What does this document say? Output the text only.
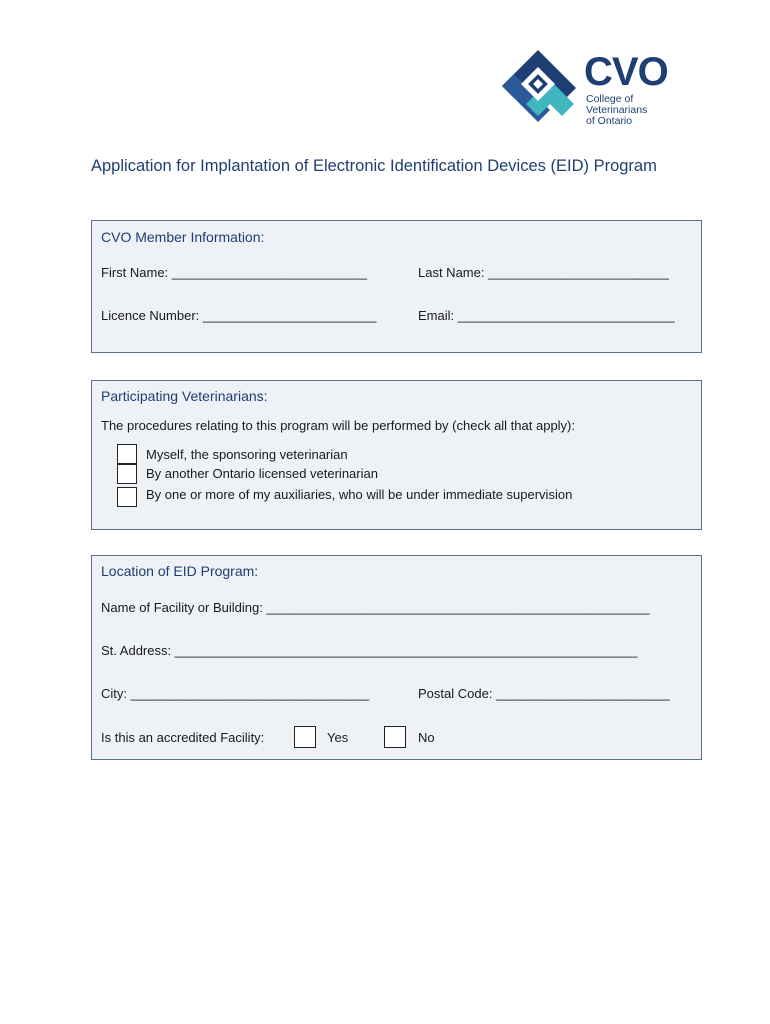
CVO
College of
Veterinarians
of Ontario
Application for Implantation of Electronic Identification Devices (EID) Program
CVO Member Information:
First Name: ___________________________	Last Name: _________________________
Licence Number: ________________________	Email: ______________________________
Participating Veterinarians:
The procedures relating to this program will be performed by (check all that apply):
Myself, the sponsoring veterinarian
By another Ontario licensed veterinarian
By one or more of my auxiliaries, who will be under immediate supervision
Location of EID Program:
Name of Facility or Building: _____________________________________________________
St. Address: ________________________________________________________________
City: _________________________________	Postal Code: ________________________
Is this an accredited Facility:	Yes	No
